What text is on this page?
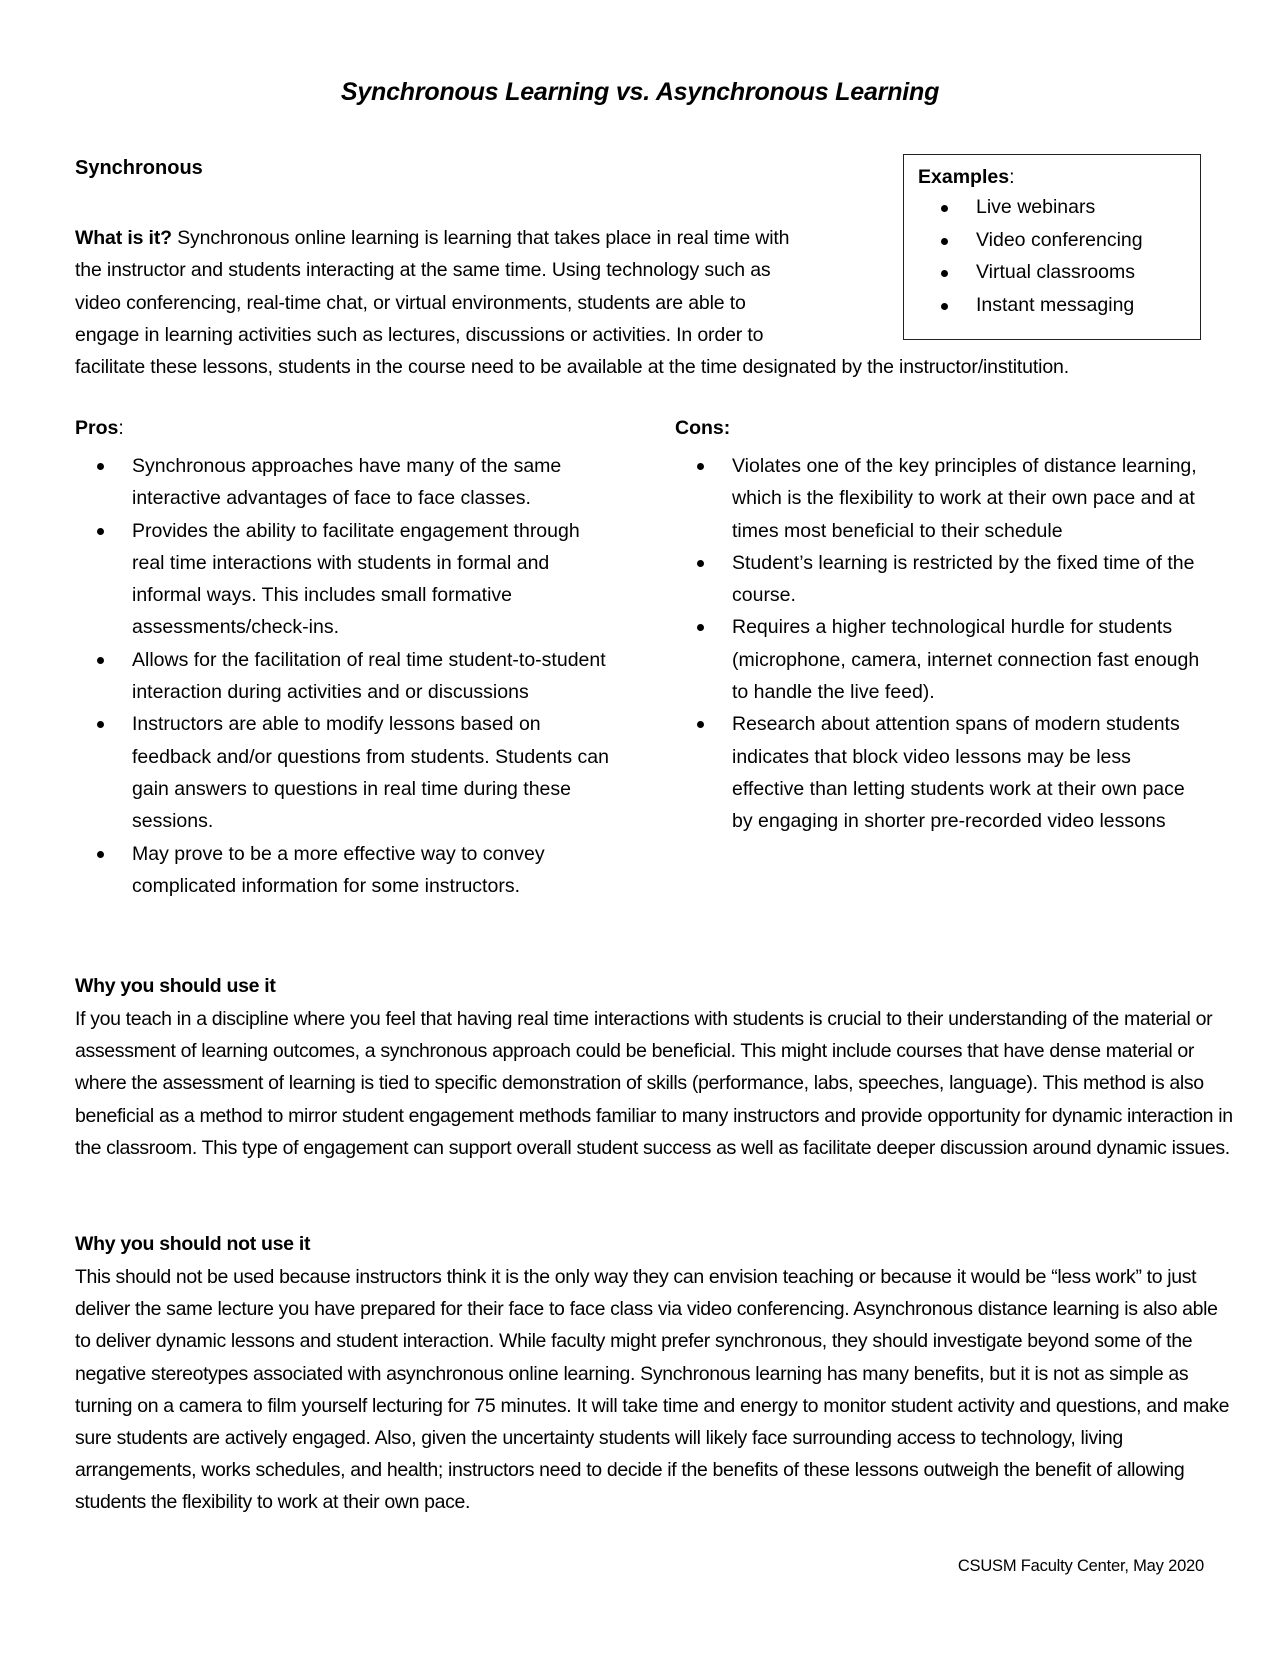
Synchronous Learning vs. Asynchronous Learning
Synchronous	Examples:
Live webinars
Video conferencing
Virtual classrooms
Instant messaging
What is it? Synchronous online learning is learning that takes place in real time with
the instructor and students interacting at the same time. Using technology such as
video conferencing, real-time chat, or virtual environments, students are able to
engage in learning activities such as lectures, discussions or activities. In order to
facilitate these lessons, students in the course need to be available at the time designated by the instructor/institution.
Pros:	Cons:
Synchronous approaches have many of the same interactive advantages of face to face classes.
Provides the ability to facilitate engagement through real time interactions with students in formal and informal ways. This includes small formative assessments/check-ins.
Allows for the facilitation of real time student-to-student interaction during activities and or discussions
Instructors are able to modify lessons based on feedback and/or questions from students. Students can gain answers to questions in real time during these sessions.
May prove to be a more effective way to convey complicated information for some instructors.
Violates one of the key principles of distance learning, which is the flexibility to work at their own pace and at times most beneficial to their schedule
Student’s learning is restricted by the fixed time of the course.
Requires a higher technological hurdle for students (microphone, camera, internet connection fast enough to handle the live feed).
Research about attention spans of modern students indicates that block video lessons may be less effective than letting students work at their own pace by engaging in shorter pre-recorded video lessons
Why you should use it
If you teach in a discipline where you feel that having real time interactions with students is crucial to their understanding of the material or assessment of learning outcomes, a synchronous approach could be beneficial. This might include courses that have dense material or where the assessment of learning is tied to specific demonstration of skills (performance, labs, speeches, language). This method is also beneficial as a method to mirror student engagement methods familiar to many instructors and provide opportunity for dynamic interaction in the classroom. This type of engagement can support overall student success as well as facilitate deeper discussion around dynamic issues.
Why you should not use it
This should not be used because instructors think it is the only way they can envision teaching or because it would be “less work” to just deliver the same lecture you have prepared for their face to face class via video conferencing. Asynchronous distance learning is also able to deliver dynamic lessons and student interaction. While faculty might prefer synchronous, they should investigate beyond some of the negative stereotypes associated with asynchronous online learning. Synchronous learning has many benefits, but it is not as simple as turning on a camera to film yourself lecturing for 75 minutes. It will take time and energy to monitor student activity and questions, and make sure students are actively engaged. Also, given the uncertainty students will likely face surrounding access to technology, living arrangements, works schedules, and health; instructors need to decide if the benefits of these lessons outweigh the benefit of allowing students the flexibility to work at their own pace.
CSUSM Faculty Center, May 2020
